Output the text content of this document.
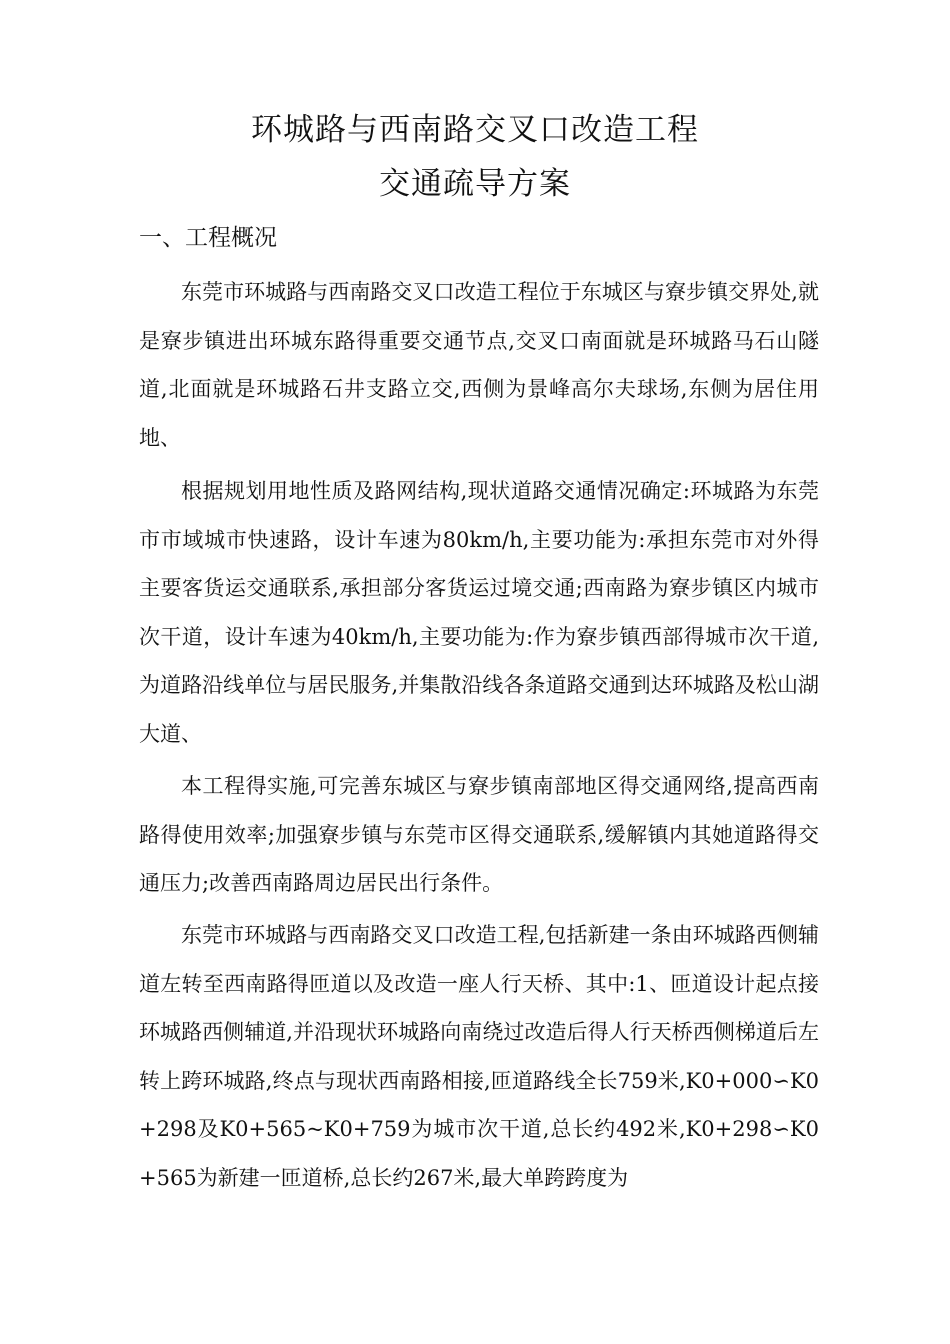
环城路与西南路交叉口改造工程
交通疏导方案
一、工程概况

东莞市环城路与西南路交叉口改造工程位于东城区与寮步镇交界处,就是寮步镇进出环城东路得重要交通节点,交叉口南面就是环城路马石山隧道,北面就是环城路石井支路立交,西侧为景峰高尔夫球场,东侧为居住用地、

根据规划用地性质及路网结构,现状道路交通情况确定:环城路为东莞市市域城市快速路，设计车速为80km/h,主要功能为:承担东莞市对外得主要客货运交通联系,承担部分客货运过境交通;西南路为寮步镇区内城市次干道，设计车速为40km/h,主要功能为:作为寮步镇西部得城市次干道,为道路沿线单位与居民服务,并集散沿线各条道路交通到达环城路及松山湖大道、

本工程得实施,可完善东城区与寮步镇南部地区得交通网络,提高西南路得使用效率;加强寮步镇与东莞市区得交通联系,缓解镇内其她道路得交通压力;改善西南路周边居民出行条件。

东莞市环城路与西南路交叉口改造工程,包括新建一条由环城路西侧辅道左转至西南路得匝道以及改造一座人行天桥、其中:1、匝道设计起点接环城路西侧辅道,并沿现状环城路向南绕过改造后得人行天桥西侧梯道后左转上跨环城路,终点与现状西南路相接,匝道路线全长759米,K0+000∽K0+298及K0+565~K0+759为城市次干道,总长约492米,K0+298∽K0+565为新建一匝道桥,总长约267米,最大单跨跨度为
